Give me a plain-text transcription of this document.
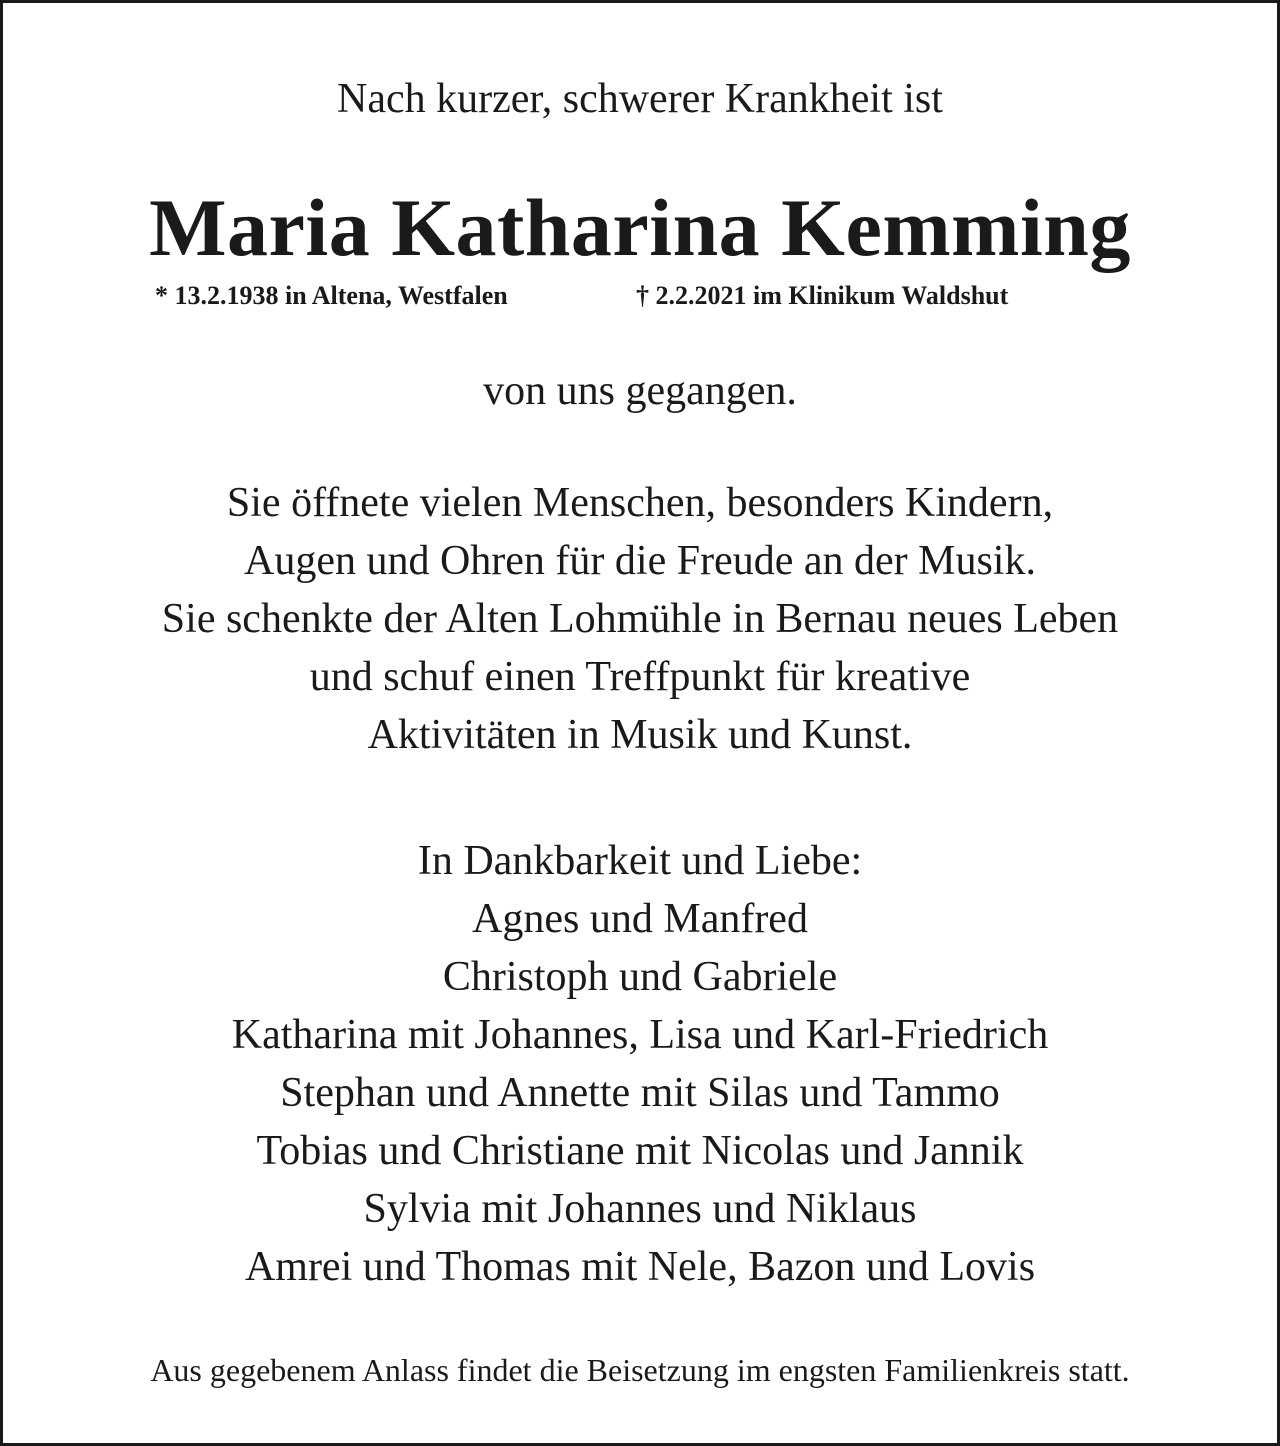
Nach kurzer, schwerer Krankheit ist

Maria Katharina Kemming
* 13.2.1938 in Altena, Westfalen	† 2.2.2021 im Klinikum Waldshut

von uns gegangen.

Sie öffnete vielen Menschen, besonders Kindern,

Augen und Ohren für die Freude an der Musik.

Sie schenkte der Alten Lohmühle in Bernau neues Leben

und schuf einen Treffpunkt für kreative

Aktivitäten in Musik und Kunst.

In Dankbarkeit und Liebe:

Agnes und Manfred

Christoph und Gabriele

Katharina mit Johannes, Lisa und Karl-Friedrich

Stephan und Annette mit Silas und Tammo

Tobias und Christiane mit Nicolas und Jannik

Sylvia mit Johannes und Niklaus

Amrei und Thomas mit Nele, Bazon und Lovis

Aus gegebenem Anlass findet die Beisetzung im engsten Familienkreis statt.
